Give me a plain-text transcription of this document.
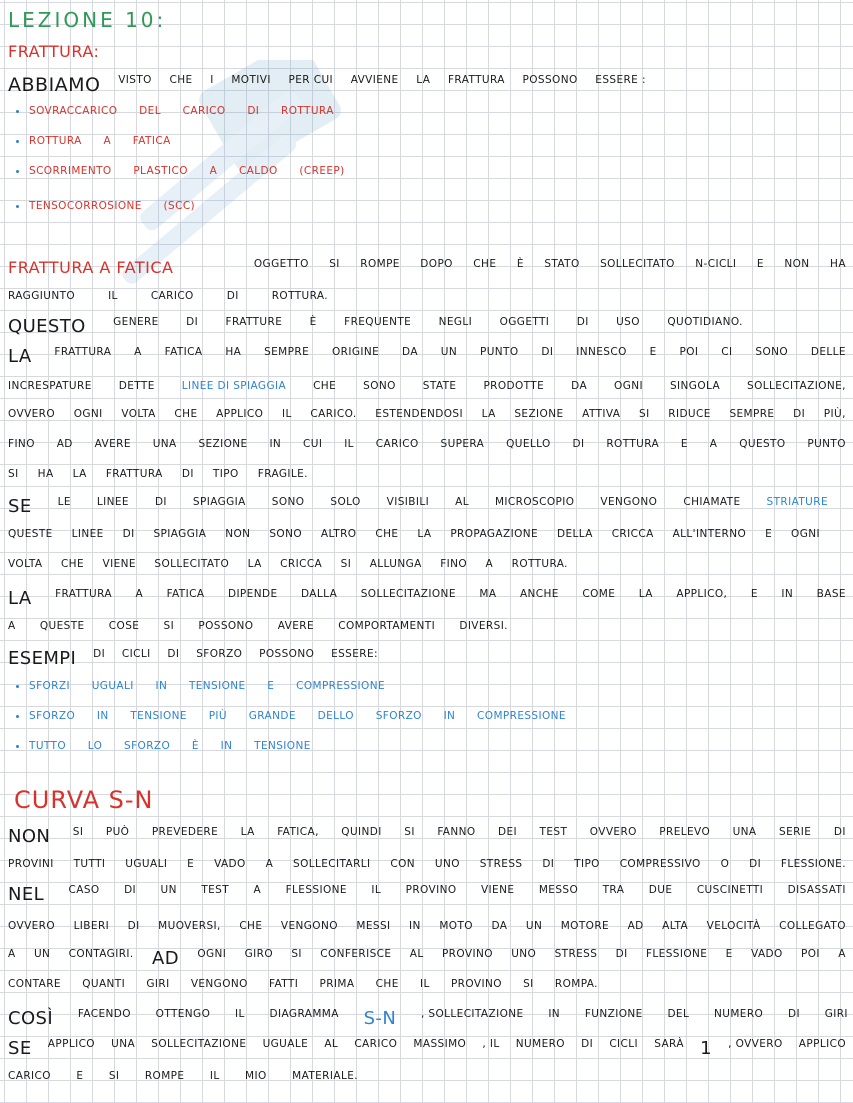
LEZIONE 10:
FRATTURA:
ABBIAMO VISTO CHE I MOTIVI PER CUI AVVIENE LA FRATTURA POSSONO ESSERE :
SOVRACCARICO DEL CARICO DI ROTTURA
ROTTURA A FATICA
SCORRIMENTO PLASTICO A CALDO (CREEP)
TENSOCORROSIONE (SCC)
FRATTURA A FATICA	OGGETTO SI ROMPE DOPO CHE È STATO SOLLECITATO N-CICLI E NON HA
RAGGIUNTO	IL	CARICO	DI	ROTTURA.
QUESTO	GENERE	DI	FRATTURE	È	FREQUENTE	NEGLI	OGGETTI	DI	USO	QUOTIDIANO.
LA FRATTURA A FATICA HA SEMPRE ORIGINE DA UN PUNTO DI INNESCO E POI CI SONO DELLE
INCRESPATURE	DETTE	LINEE DI SPIAGGIA	CHE	SONO	STATE	PRODOTTE	DA	OGNI	SINGOLA	SOLLECITAZIONE,
OVVERO OGNI VOLTA CHE APPLICO IL CARICO. ESTENDENDOSI LA SEZIONE ATTIVA SI RIDUCE SEMPRE DI PIÙ,
FINO AD AVERE UNA SEZIONE IN CUI IL CARICO SUPERA QUELLO DI ROTTURA E A QUESTO PUNTO
SI HA LA FRATTURA DI TIPO FRAGILE.
SE LE LINEE DI SPIAGGIA SONO SOLO VISIBILI AL MICROSCOPIO VENGONO CHIAMATE STRIATURE
QUESTE LINEE DI SPIAGGIA NON SONO ALTRO CHE LA PROPAGAZIONE DELLA CRICCA ALL'INTERNO E OGNI
VOLTA CHE VIENE SOLLECITATO LA CRICCA SI ALLUNGA FINO A ROTTURA.
LA FRATTURA A FATICA DIPENDE DALLA SOLLECITAZIONE MA ANCHE COME LA APPLICO, E IN BASE
A QUESTE COSE SI POSSONO AVERE COMPORTAMENTI DIVERSI.
ESEMPI DI CICLI DI SFORZO POSSONO ESSERE:
SFORZI UGUALI IN TENSIONE E COMPRESSIONE
SFORZO IN TENSIONE PIÙ GRANDE DELLO SFORZO IN COMPRESSIONE
TUTTO LO SFORZO È IN TENSIONE
CURVA S-N
NON SI PUÒ PREVEDERE LA FATICA, QUINDI SI FANNO DEI TEST OVVERO PRELEVO UNA SERIE DI
PROVINI TUTTI UGUALI E VADO A SOLLECITARLI CON UNO STRESS DI TIPO COMPRESSIVO O DI FLESSIONE.
NEL CASO DI UN TEST A FLESSIONE IL PROVINO VIENE MESSO TRA DUE CUSCINETTI DISASSATI
OVVERO LIBERI DI MUOVERSI, CHE VENGONO MESSI IN MOTO DA UN MOTORE AD ALTA VELOCITÀ COLLEGATO
A UN CONTAGIRI. AD OGNI GIRO SI CONFERISCE AL PROVINO UNO STRESS DI FLESSIONE E VADO POI A
CONTARE QUANTI GIRI VENGONO FATTI PRIMA CHE IL PROVINO SI ROMPA.
COSÌ FACENDO OTTENGO IL DIAGRAMMA S-N , SOLLECITAZIONE IN FUNZIONE DEL NUMERO DI GIRI
SE APPLICO UNA SOLLECITAZIONE UGUALE AL CARICO MASSIMO , IL NUMERO DI CICLI SARÀ 1 , OVVERO APPLICO
CARICO E SI ROMPE IL MIO MATERIALE.
